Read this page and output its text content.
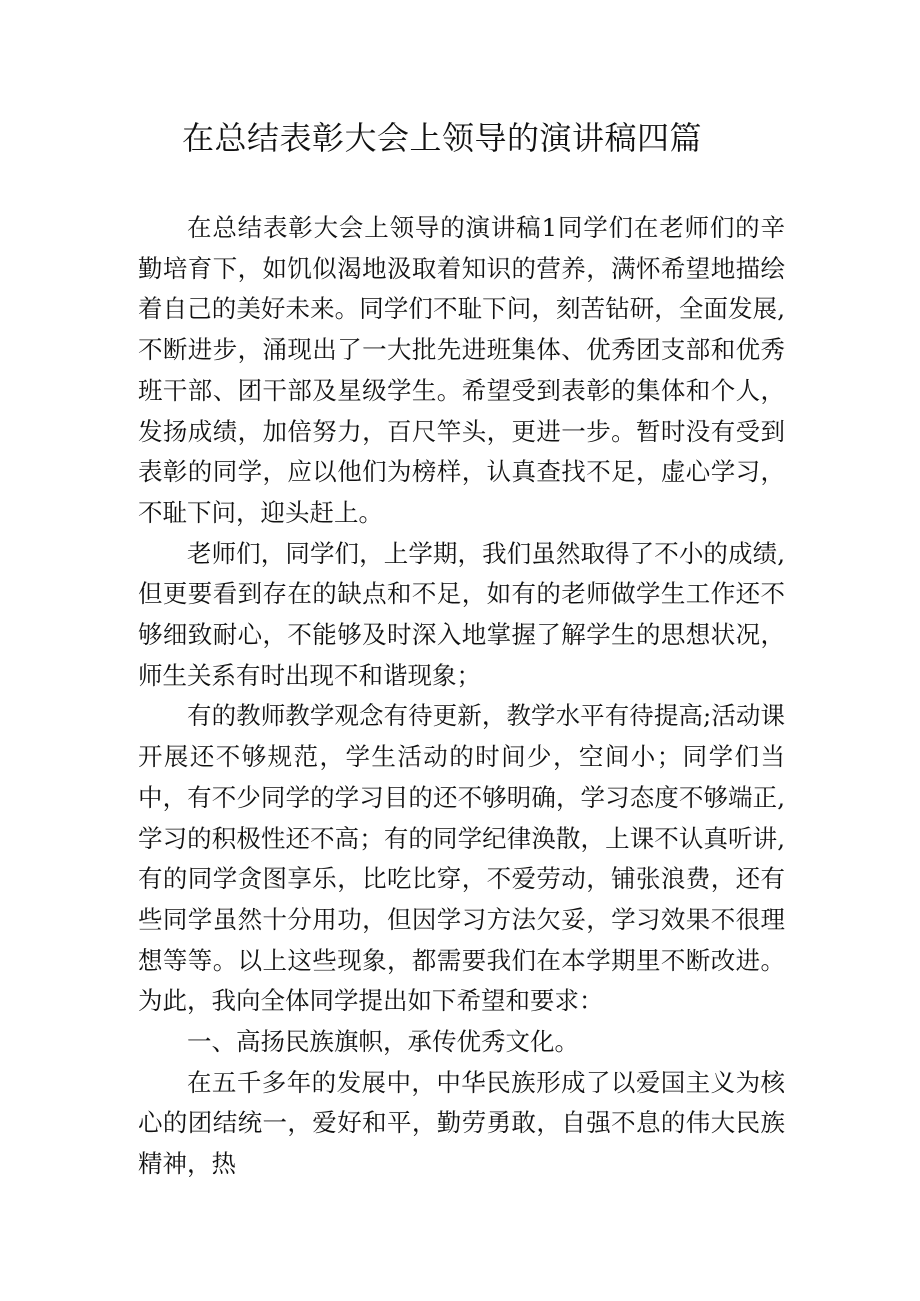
在总结表彰大会上领导的演讲稿四篇

在总结表彰大会上领导的演讲稿1同学们在老师们的辛勤培育下，如饥似渴地汲取着知识的营养，满怀希望地描绘着自己的美好未来。同学们不耻下问，刻苦钻研，全面发展,不断进步，涌现出了一大批先进班集体、优秀团支部和优秀班干部、团干部及星级学生。希望受到表彰的集体和个人，发扬成绩，加倍努力，百尺竿头，更进一步。暂时没有受到表彰的同学，应以他们为榜样，认真查找不足，虚心学习，不耻下问，迎头赶上。

老师们，同学们，上学期，我们虽然取得了不小的成绩,但更要看到存在的缺点和不足，如有的老师做学生工作还不够细致耐心，不能够及时深入地掌握了解学生的思想状况，师生关系有时出现不和谐现象；

有的教师教学观念有待更新，教学水平有待提高;活动课开展还不够规范，学生活动的时间少，空间小；同学们当中，有不少同学的学习目的还不够明确，学习态度不够端正,学习的积极性还不高；有的同学纪律涣散，上课不认真听讲,有的同学贪图享乐，比吃比穿，不爱劳动，铺张浪费，还有些同学虽然十分用功，但因学习方法欠妥，学习效果不很理想等等。以上这些现象，都需要我们在本学期里不断改进。为此，我向全体同学提出如下希望和要求：

一、高扬民族旗帜，承传优秀文化。

在五千多年的发展中，中华民族形成了以爱国主义为核心的团结统一，爱好和平，勤劳勇敢，自强不息的伟大民族精神，热
